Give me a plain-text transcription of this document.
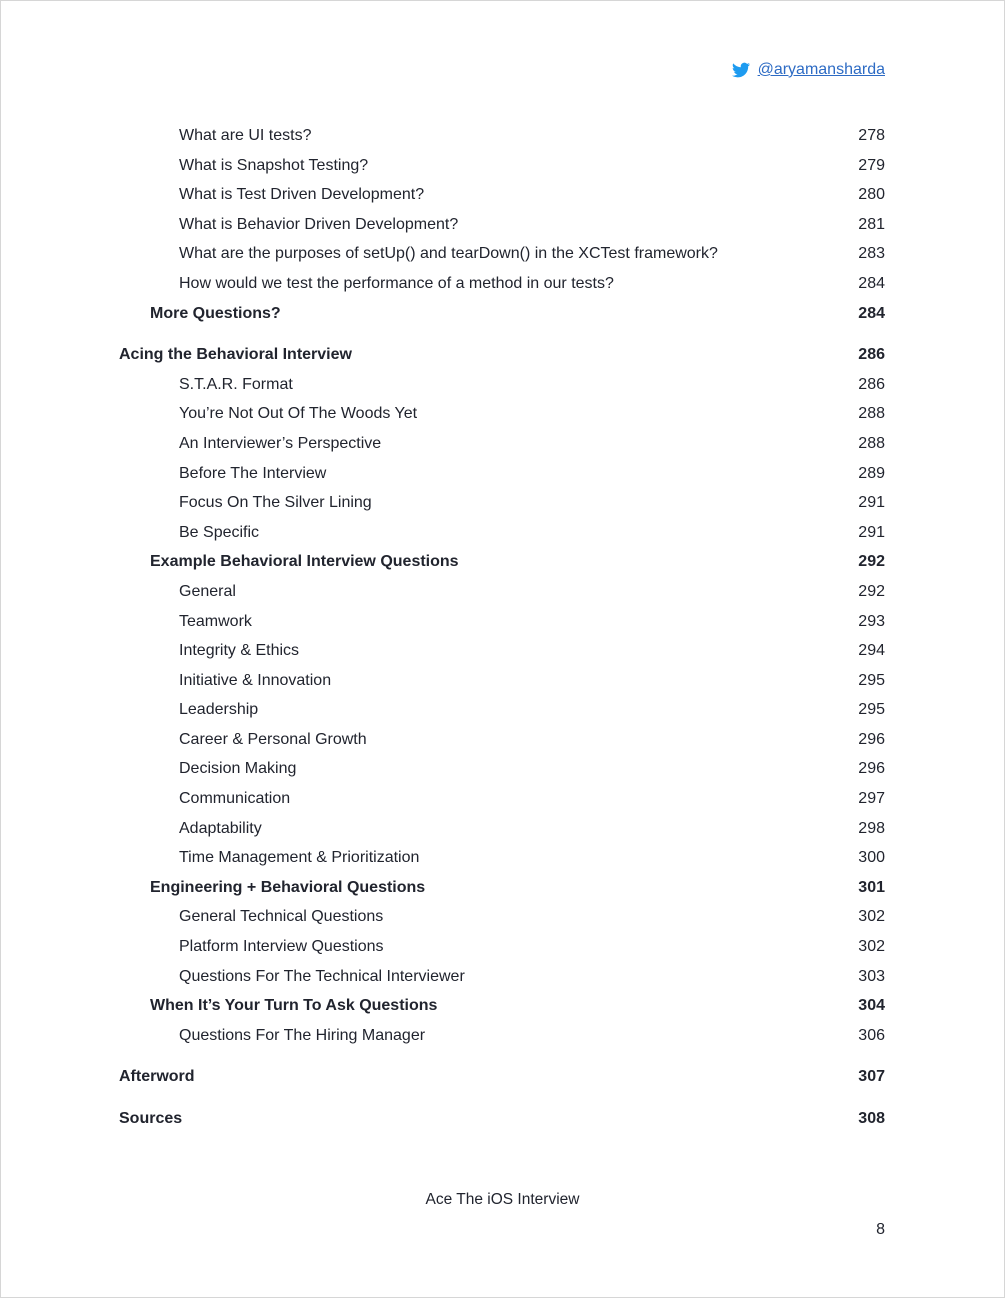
@aryamansharda
What are UI tests?	278
What is Snapshot Testing?	279
What is Test Driven Development?	280
What is Behavior Driven Development?	281
What are the purposes of setUp() and tearDown() in the XCTest framework?	283
How would we test the performance of a method in our tests?	284
More Questions?	284
Acing the Behavioral Interview	286
S.T.A.R. Format	286
You’re Not Out Of The Woods Yet	288
An Interviewer’s Perspective	288
Before The Interview	289
Focus On The Silver Lining	291
Be Specific	291
Example Behavioral Interview Questions	292
General	292
Teamwork	293
Integrity & Ethics	294
Initiative & Innovation	295
Leadership	295
Career & Personal Growth	296
Decision Making	296
Communication	297
Adaptability	298
Time Management & Prioritization	300
Engineering + Behavioral Questions	301
General Technical Questions	302
Platform Interview Questions	302
Questions For The Technical Interviewer	303
When It’s Your Turn To Ask Questions	304
Questions For The Hiring Manager	306
Afterword	307
Sources	308
Ace The iOS Interview
8
